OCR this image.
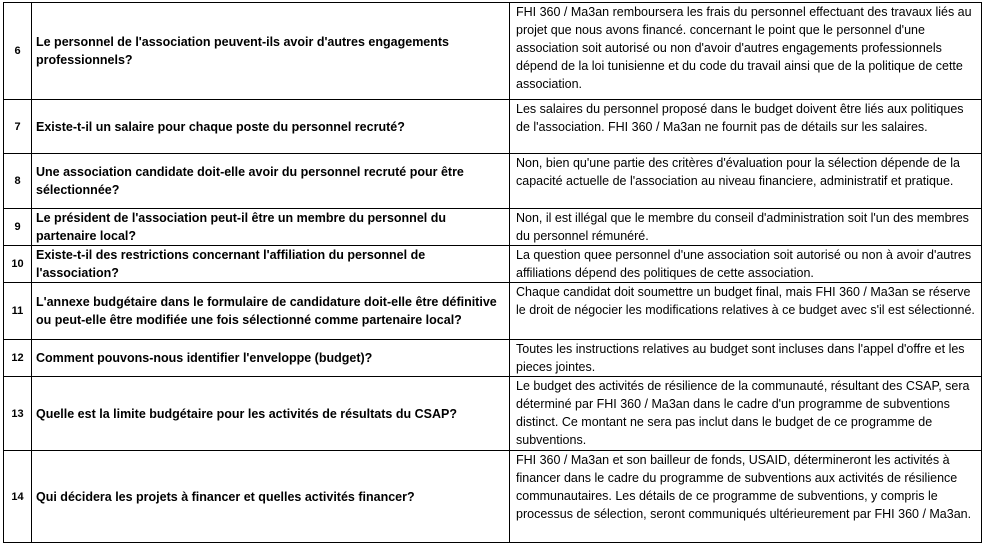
6	Le personnel de l'association peuvent-ils avoir d'autres engagements professionnels?	FHI 360 / Ma3an remboursera les frais du personnel effectuant des travaux liés au projet que nous avons financé. concernant le point que le personnel d'une association soit autorisé ou non d'avoir d'autres engagements professionnels dépend de la loi tunisienne et du code du travail ainsi que de la politique de cette association.
7	Existe-t-il un salaire pour chaque poste du personnel recruté?	Les salaires du personnel proposé dans le budget doivent être liés aux politiques de l'association. FHI 360 / Ma3an ne fournit pas de détails sur les salaires.
8	Une association candidate doit-elle avoir du personnel recruté pour être sélectionnée?	Non, bien qu'une partie des critères d'évaluation pour la sélection dépende de la capacité actuelle de l'association au niveau financiere, administratif et pratique.
9	Le président de l'association peut-il être un membre du personnel du partenaire local?	Non, il est illégal que le membre du conseil d'administration soit l'un des membres du personnel rémunéré.
10	Existe-t-il des restrictions concernant l'affiliation du personnel de l'association?	La question quee personnel d'une association soit autorisé ou non à avoir d'autres affiliations dépend des politiques de cette association.
11	L'annexe budgétaire dans le formulaire de candidature doit-elle être définitive ou peut-elle être modifiée une fois sélectionné comme partenaire local?	Chaque candidat doit soumettre un budget final, mais FHI 360 / Ma3an se réserve le droit de négocier les modifications relatives à ce budget avec s'il est sélectionné.
12	Comment pouvons-nous identifier l'enveloppe (budget)?	Toutes les instructions relatives au budget sont incluses dans l'appel d'offre et les pieces jointes.
13	Quelle est la limite budgétaire pour les activités de résultats du CSAP?	Le budget des activités de résilience de la communauté, résultant des CSAP, sera déterminé par FHI 360 / Ma3an dans le cadre d'un programme de subventions distinct. Ce montant ne sera pas inclut dans le budget de ce programme de subventions.
14	Qui décidera les projets à financer et quelles activités financer?	FHI 360 / Ma3an et son bailleur de fonds, USAID, détermineront les activités à financer dans le cadre du programme de subventions aux activités de résilience communautaires. Les détails de ce programme de subventions, y compris le processus de sélection, seront communiqués ultérieurement par FHI 360 / Ma3an.
